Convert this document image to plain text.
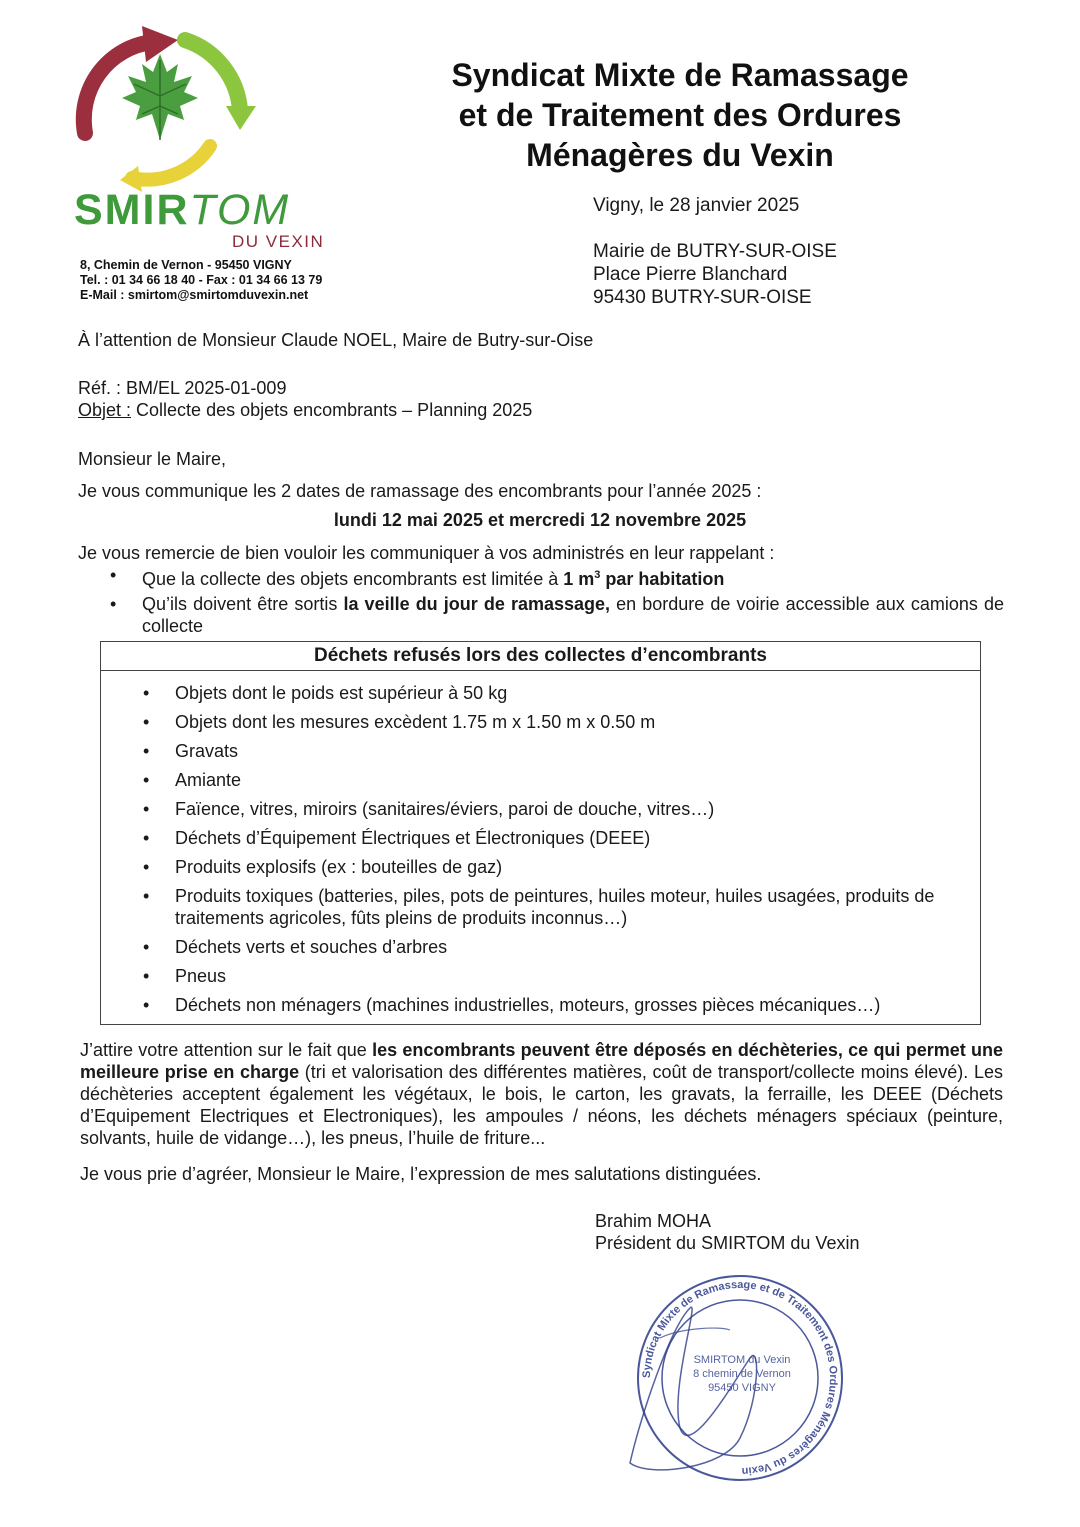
SMIRTOM
DU VEXIN
8, Chemin de Vernon - 95450 VIGNY
Tel. : 01 34 66 18 40 - Fax : 01 34 66 13 79
E-Mail : smirtom@smirtomduvexin.net
Syndicat Mixte de Ramassage
et de Traitement des Ordures
Ménagères du Vexin
Vigny, le 28 janvier 2025
Mairie de BUTRY-SUR-OISE
Place Pierre Blanchard
95430 BUTRY-SUR-OISE
À l’attention de Monsieur Claude NOEL, Maire de Butry-sur-Oise
Réf. : BM/EL 2025-01-009
Objet : Collecte des objets encombrants – Planning 2025
Monsieur le Maire,
Je vous communique les 2 dates de ramassage des encombrants pour l’année 2025 :
lundi 12 mai 2025 et mercredi 12 novembre 2025
Je vous remercie de bien vouloir les communiquer à vos administrés en leur rappelant :
• Que la collecte des objets encombrants est limitée à 1 $m^3$ par habitation
• Qu’ils doivent être sortis la veille du jour de ramassage, en bordure de voirie accessible aux camions de collecte
Déchets refusés lors des collectes d’encombrants
• Objets dont le poids est supérieur à 50 kg
• Objets dont les mesures excèdent 1.75 m x 1.50 m x 0.50 m
• Gravats
• Amiante
• Faïence, vitres, miroirs (sanitaires/éviers, paroi de douche, vitres…)
• Déchets d’Équipement Électriques et Électroniques (DEEE)
• Produits explosifs (ex : bouteilles de gaz)
• Produits toxiques (batteries, piles, pots de peintures, huiles moteur, huiles usagées, produits de traitements agricoles, fûts pleins de produits inconnus…)
• Déchets verts et souches d’arbres
• Pneus
• Déchets non ménagers (machines industrielles, moteurs, grosses pièces mécaniques…)
J’attire votre attention sur le fait que les encombrants peuvent être déposés en déchèteries, ce qui permet une meilleure prise en charge (tri et valorisation des différentes matières, coût de transport/collecte moins élevé). Les déchèteries acceptent également les végétaux, le bois, le carton, les gravats, la ferraille, les DEEE (Déchets d’Equipement Electriques et Electroniques), les ampoules / néons, les déchets ménagers spéciaux (peinture, solvants, huile de vidange…), les pneus, l’huile de friture...
Je vous prie d’agréer, Monsieur le Maire, l’expression de mes salutations distinguées.
Brahim MOHA
Président du SMIRTOM du Vexin
Syndicat Mixte de Ramassage et de Traitement des Ordures Ménagères du Vexin
SMIRTOM du Vexin
8 chemin de Vernon
95450 VIGNY
